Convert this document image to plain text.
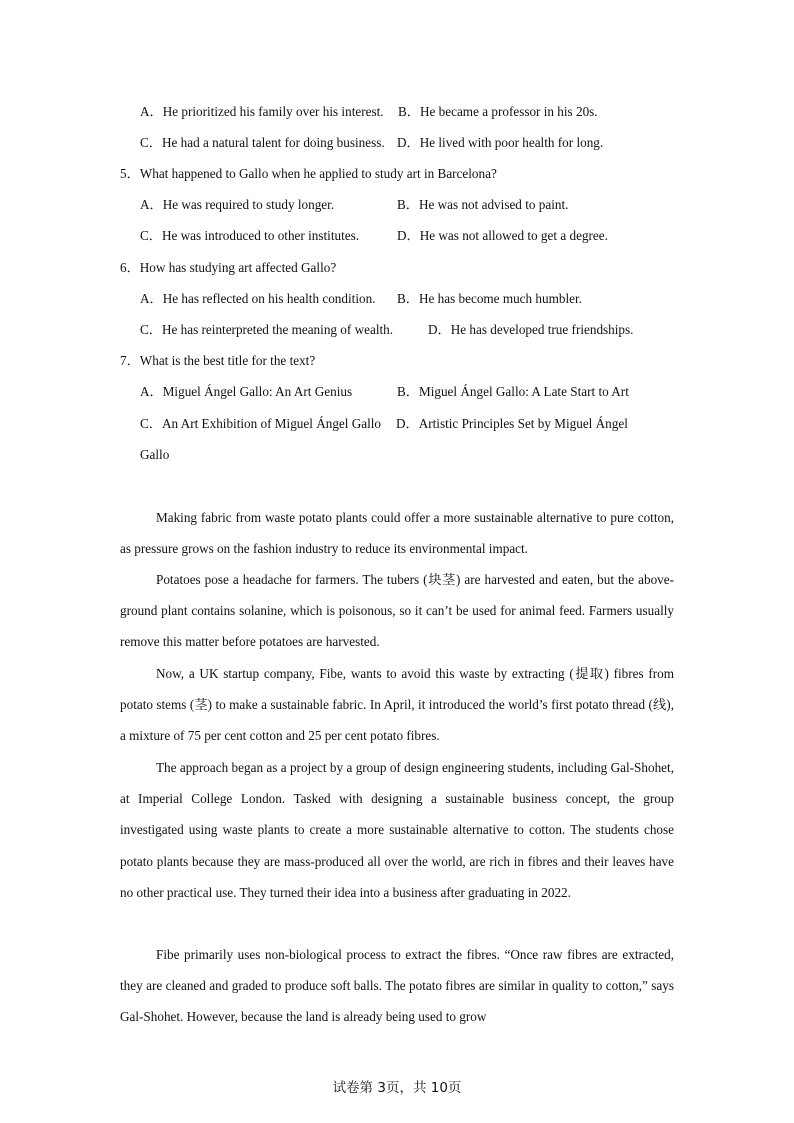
A．He prioritized his family over his interest. B．He became a professor in his 20s.
C．He had a natural talent for doing business. D．He lived with poor health for long.
5．What happened to Gallo when he applied to study art in Barcelona?
A．He was required to study longer.	B．He was not advised to paint.
C．He was introduced to other institutes.	D．He was not allowed to get a degree.
6．How has studying art affected Gallo?
A．He has reflected on his health condition. B．He has become much humbler.
C．He has reinterpreted the meaning of wealth.	D．He has developed true friendships.
7．What is the best title for the text?
A．Miguel Ángel Gallo: An Art Genius	B．Miguel Ángel Gallo: A Late Start to Art
C．An Art Exhibition of Miguel Ángel Gallo D．Artistic Principles Set by Miguel Ángel
Gallo
Making fabric from waste potato plants could offer a more sustainable alternative to pure cotton, as pressure grows on the fashion industry to reduce its environmental impact.
Potatoes pose a headache for farmers. The tubers (块茎) are harvested and eaten, but the above-ground plant contains solanine, which is poisonous, so it can’t be used for animal feed. Farmers usually remove this matter before potatoes are harvested.
Now, a UK startup company, Fibe, wants to avoid this waste by extracting (提取) fibres from potato stems (茎) to make a sustainable fabric. In April, it introduced the world’s first potato thread (线), a mixture of 75 per cent cotton and 25 per cent potato fibres.
The approach began as a project by a group of design engineering students, including Gal-Shohet, at Imperial College London. Tasked with designing a sustainable business concept, the group investigated using waste plants to create a more sustainable alternative to cotton. The students chose potato plants because they are mass-produced all over the world, are rich in fibres and their leaves have no other practical use. They turned their idea into a business after graduating in 2022.
Fibe primarily uses non-biological process to extract the fibres. “Once raw fibres are extracted, they are cleaned and graded to produce soft balls. The potato fibres are similar in quality to cotton,” says Gal-Shohet. However, because the land is already being used to grow
试卷第 3页，共 10页
